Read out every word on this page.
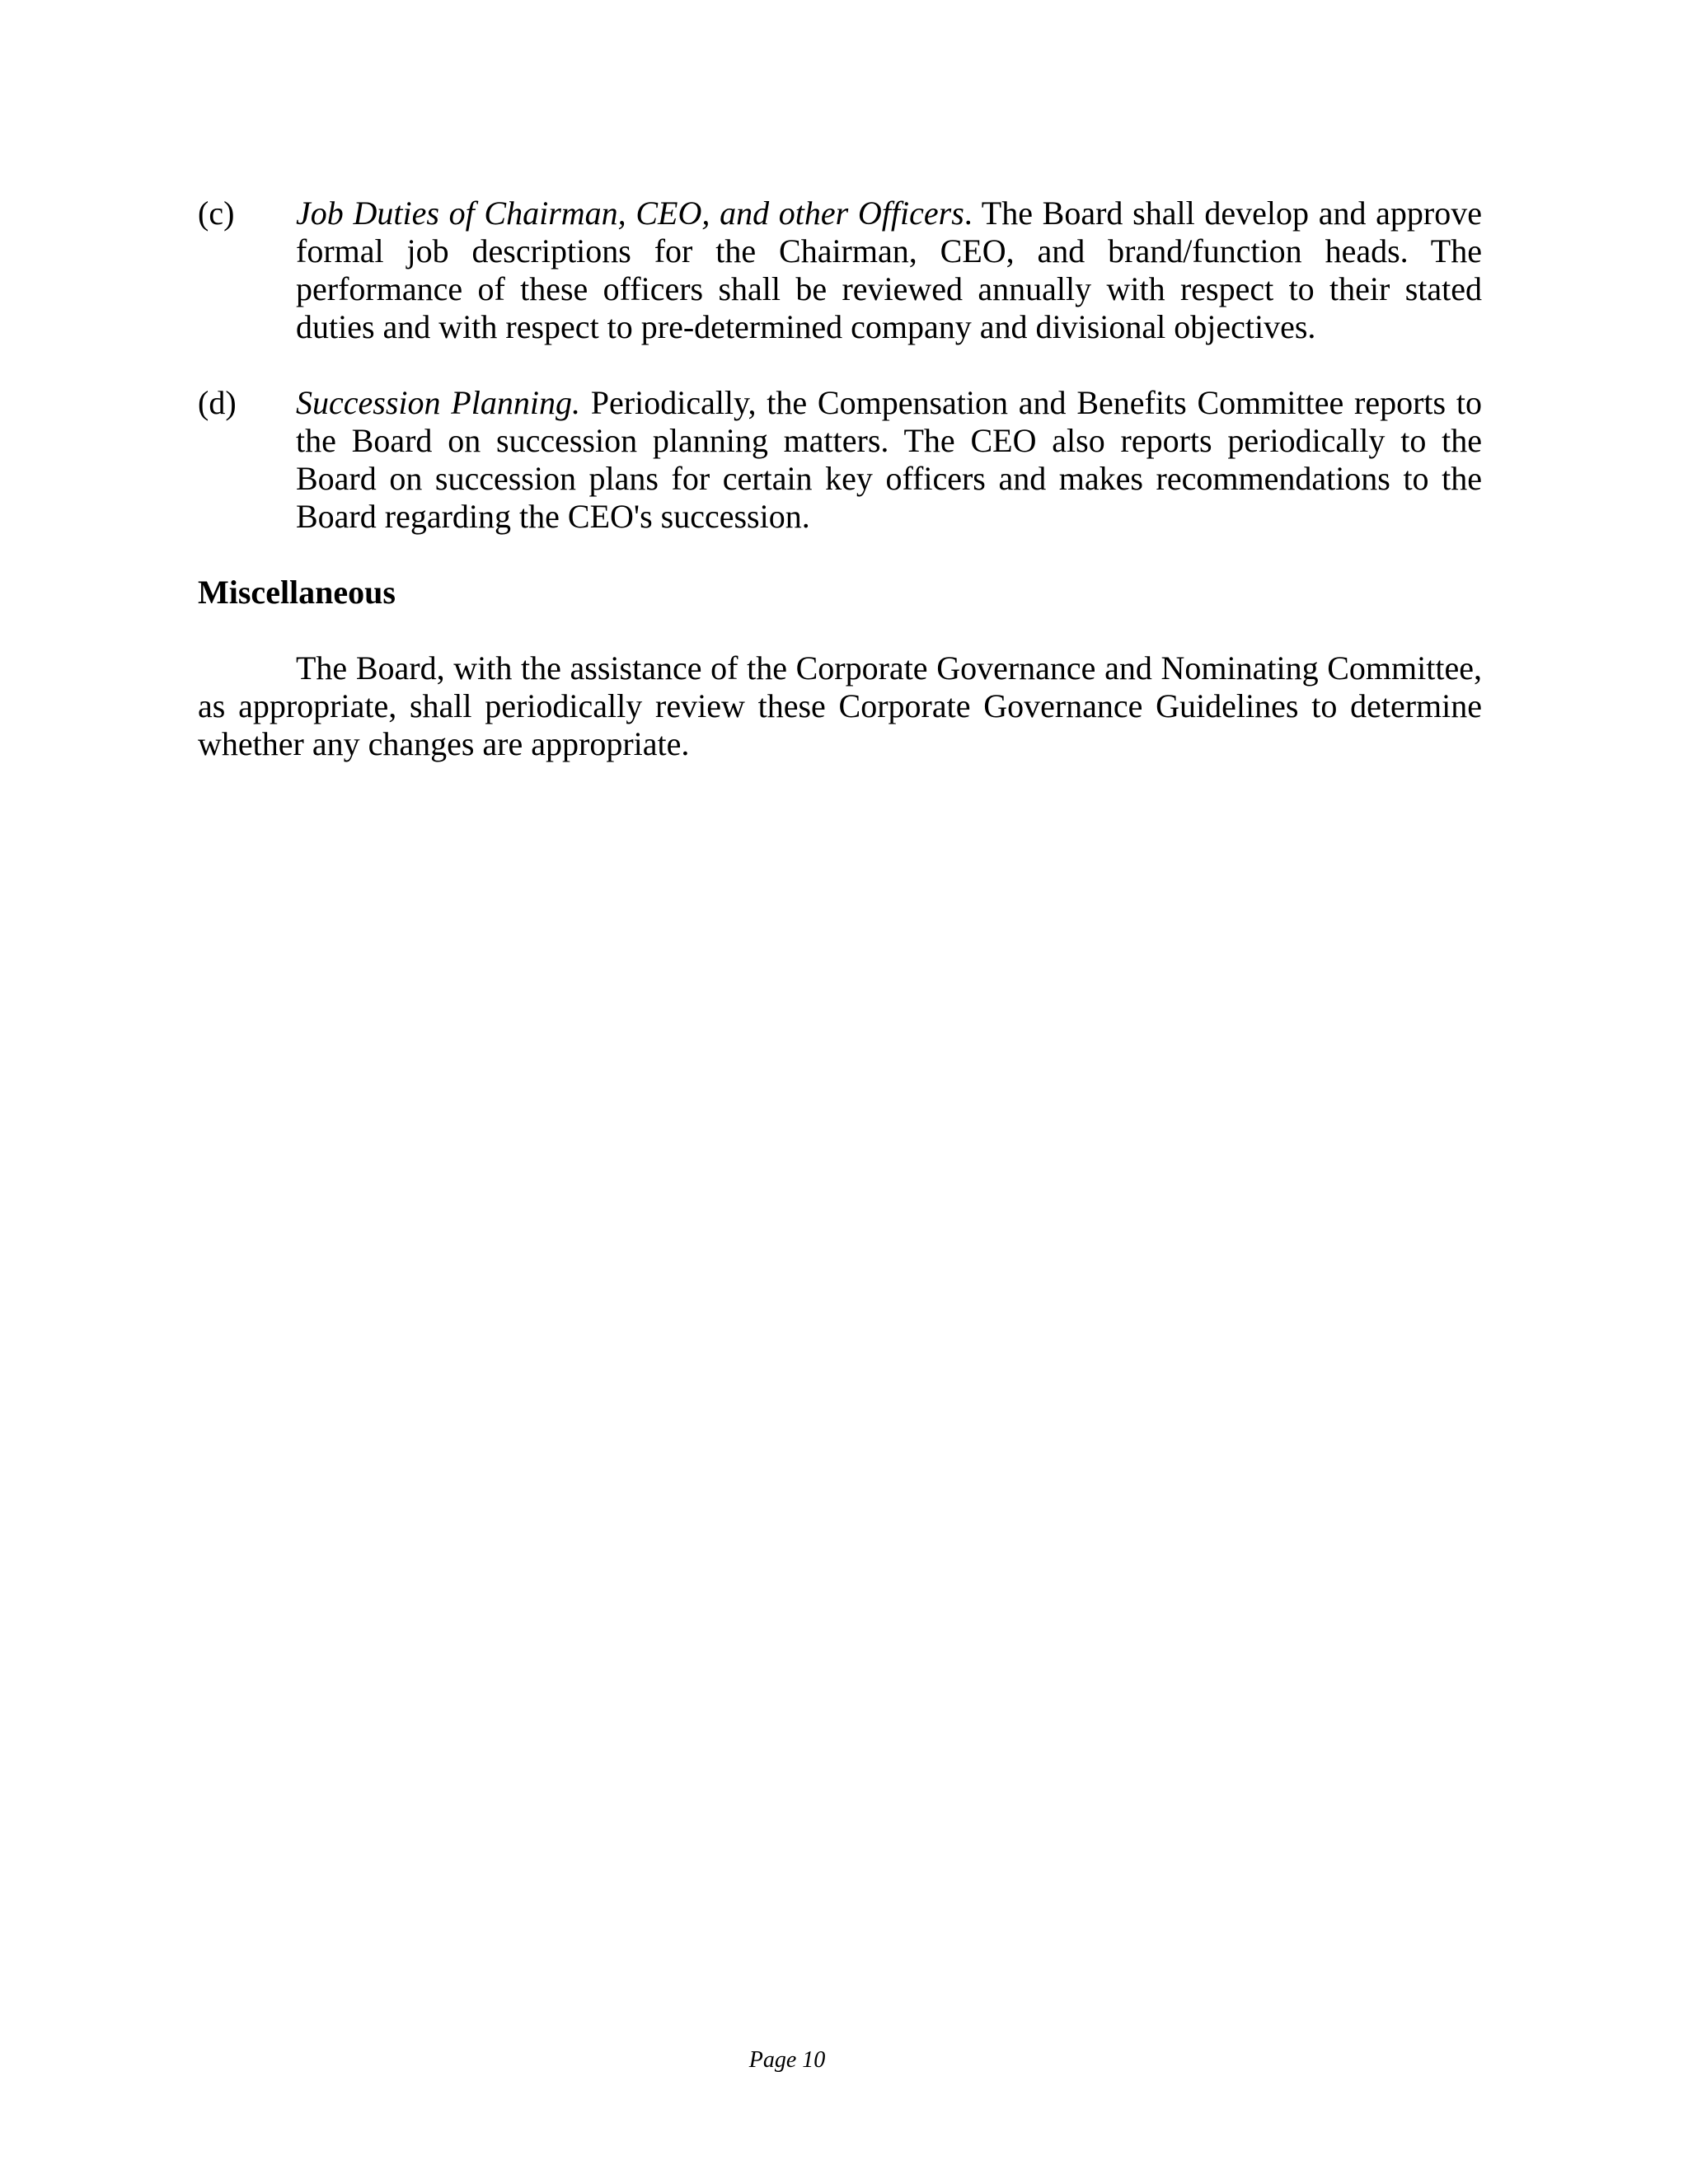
(c) Job Duties of Chairman, CEO, and other Officers. The Board shall develop and approve formal job descriptions for the Chairman, CEO, and brand/function heads. The performance of these officers shall be reviewed annually with respect to their stated duties and with respect to pre-determined company and divisional objectives.
(d) Succession Planning. Periodically, the Compensation and Benefits Committee reports to the Board on succession planning matters. The CEO also reports periodically to the Board on succession plans for certain key officers and makes recommendations to the Board regarding the CEO's succession.
Miscellaneous

The Board, with the assistance of the Corporate Governance and Nominating Committee, as appropriate, shall periodically review these Corporate Governance Guidelines to determine whether any changes are appropriate.

Page 10
